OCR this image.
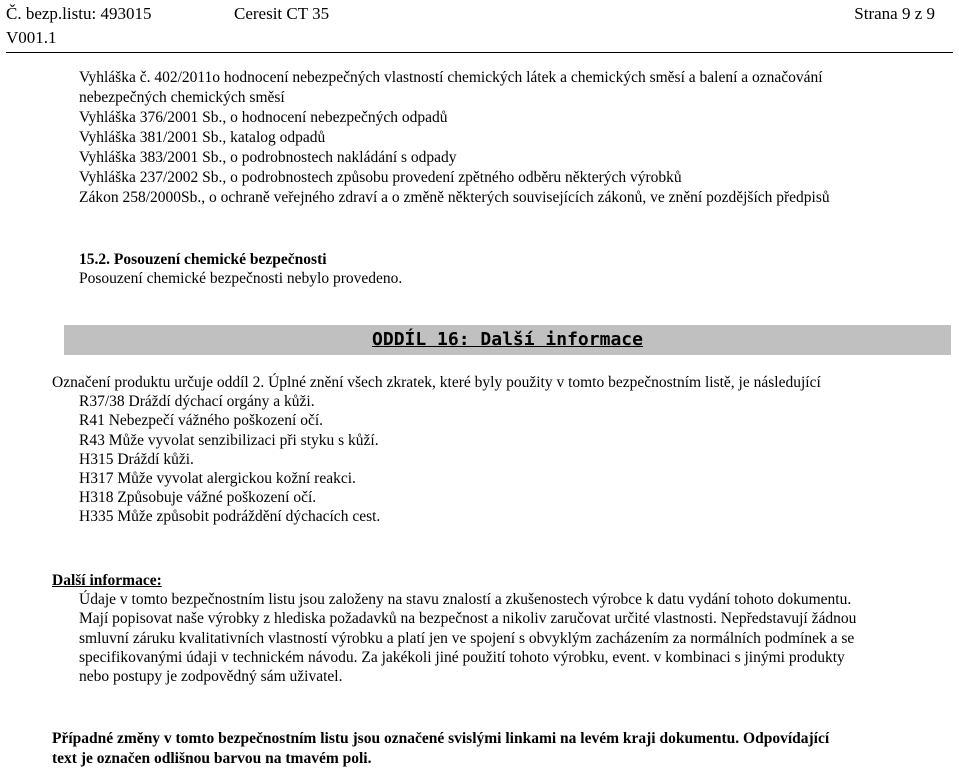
Č. bezp.listu: 493015	Ceresit CT 35	Strana 9 z 9
V001.1
Vyhláška č. 402/2011o hodnocení nebezpečných vlastností chemických látek a chemických směsí a balení a označování
nebezpečných chemických směsí
Vyhláška 376/2001 Sb., o hodnocení nebezpečných odpadů
Vyhláška 381/2001 Sb., katalog odpadů
Vyhláška 383/2001 Sb., o podrobnostech nakládání s odpady
Vyhláška 237/2002 Sb., o podrobnostech způsobu provedení zpětného odběru některých výrobků
Zákon 258/2000Sb., o ochraně veřejného zdraví a o změně některých souvisejících zákonů, ve znění pozdějších předpisů
15.2. Posouzení chemické bezpečnosti
Posouzení chemické bezpečnosti nebylo provedeno.
ODDÍL 16: Další informace
Označení produktu určuje oddíl 2. Úplné znění všech zkratek, které byly použity v tomto bezpečnostním listě, je následující
R37/38 Dráždí dýchací orgány a kůži.
R41 Nebezpečí vážného poškození očí.
R43 Může vyvolat senzibilizaci při styku s kůží.
H315 Dráždí kůži.
H317 Může vyvolat alergickou kožní reakci.
H318 Způsobuje vážné poškození očí.
H335 Může způsobit podráždění dýchacích cest.
Další informace:
Údaje v tomto bezpečnostním listu jsou založeny na stavu znalostí a zkušenostech výrobce k datu vydání tohoto dokumentu.
Mají popisovat naše výrobky z hlediska požadavků na bezpečnost a nikoliv zaručovat určité vlastnosti. Nepředstavují žádnou
smluvní záruku kvalitativních vlastností výrobku a platí jen ve spojení s obvyklým zacházením za normálních podmínek a se
specifikovanými údaji v technickém návodu. Za jakékoli jiné použití tohoto výrobku, event. v kombinaci s jinými produkty
nebo postupy je zodpovědný sám uživatel.
Případné změny v tomto bezpečnostním listu jsou označené svislými linkami na levém kraji dokumentu. Odpovídající
text je označen odlišnou barvou na tmavém poli.
